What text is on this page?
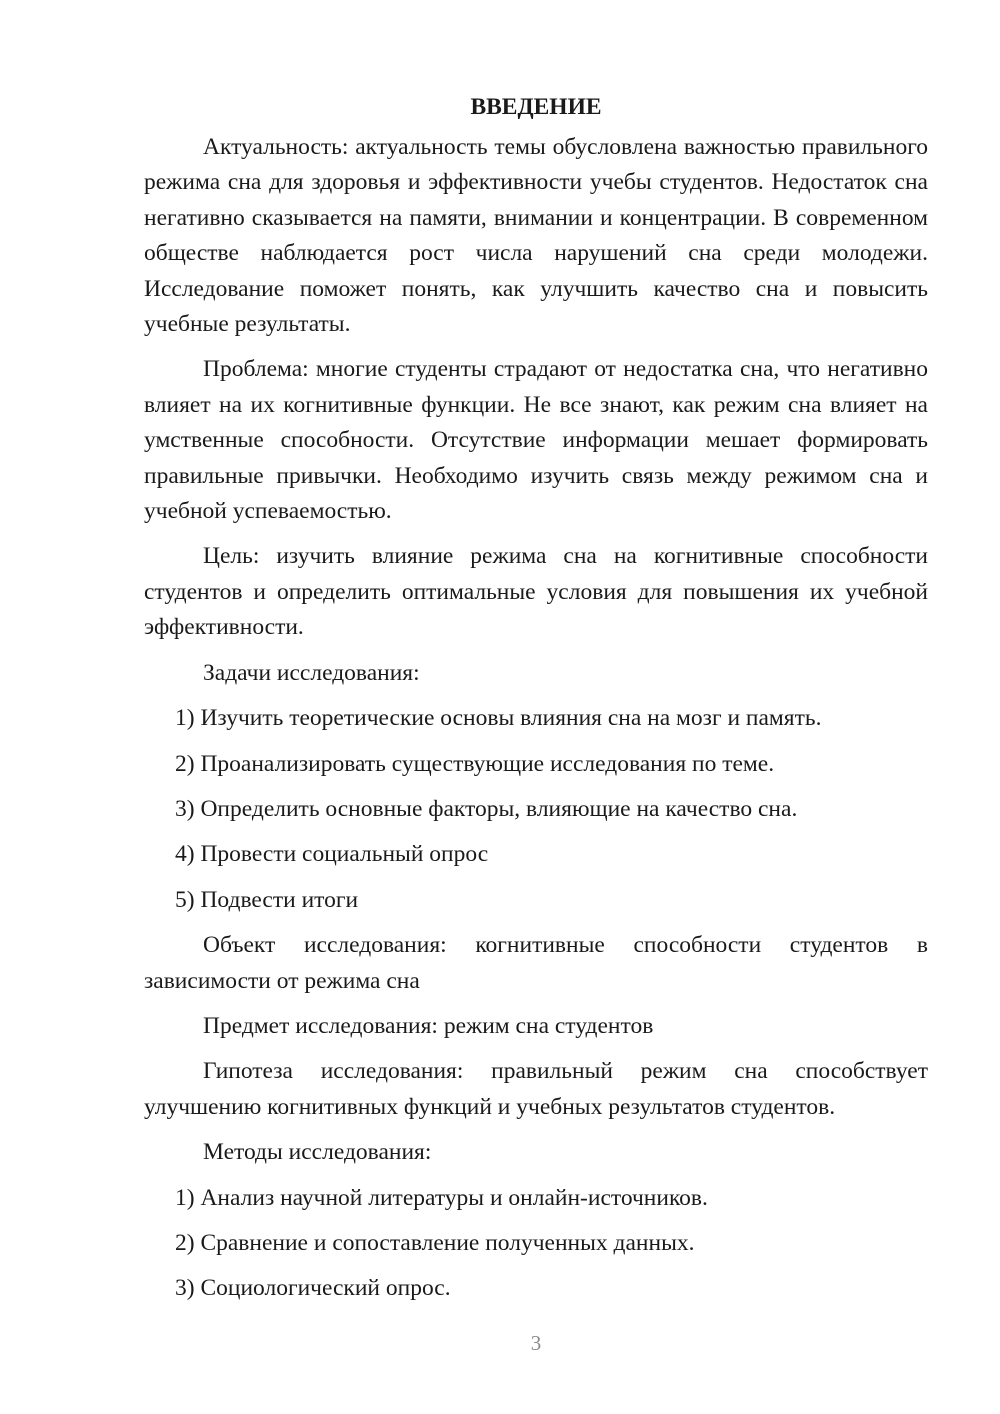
ВВЕДЕНИЕ

Актуальность: актуальность темы обусловлена важностью правильного режима сна для здоровья и эффективности учебы студентов. Недостаток сна негативно сказывается на памяти, внимании и концентрации. В современном обществе наблюдается рост числа нарушений сна среди молодежи. Исследование поможет понять, как улучшить качество сна и повысить учебные результаты.

Проблема: многие студенты страдают от недостатка сна, что негативно влияет на их когнитивные функции. Не все знают, как режим сна влияет на умственные способности. Отсутствие информации мешает формировать правильные привычки. Необходимо изучить связь между режимом сна и учебной успеваемостью.

Цель: изучить влияние режима сна на когнитивные способности студентов и определить оптимальные условия для повышения их учебной эффективности.

Задачи исследования:

1) Изучить теоретические основы влияния сна на мозг и память.
2) Проанализировать существующие исследования по теме.
3) Определить основные факторы, влияющие на качество сна.
4) Провести социальный опрос
5) Подвести итоги

Объект исследования: когнитивные способности студентов в зависимости от режима сна

Предмет исследования: режим сна студентов

Гипотеза исследования: правильный режим сна способствует улучшению когнитивных функций и учебных результатов студентов.

Методы исследования:

1) Анализ научной литературы и онлайн-источников.
2) Сравнение и сопоставление полученных данных.
3) Социологический опрос.
3
